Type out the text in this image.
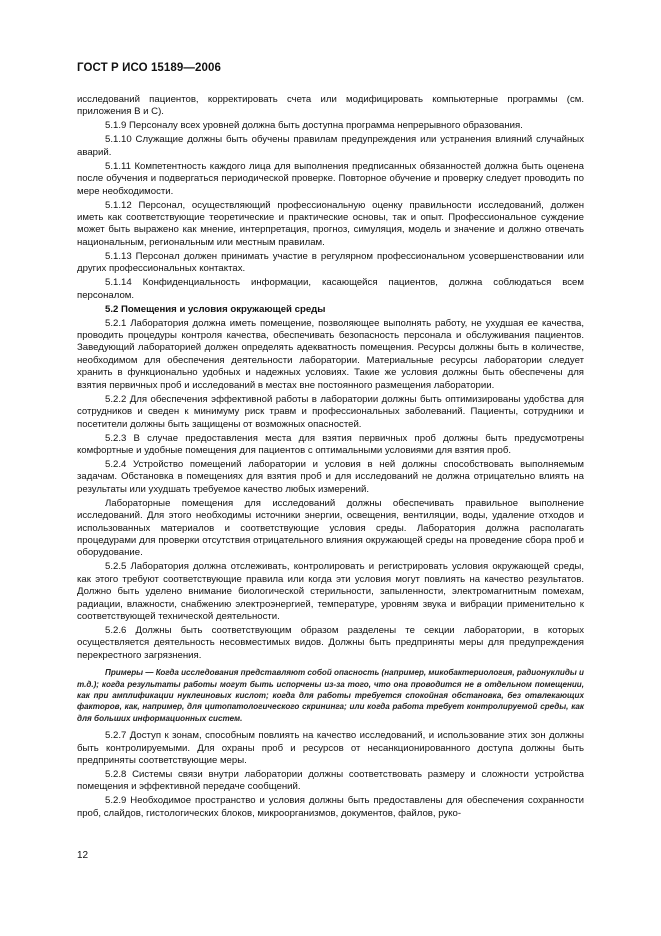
ГОСТ Р ИСО 15189—2006

исследований пациентов, корректировать счета или модифицировать компьютерные программы (см. приложения В и С).

5.1.9 Персоналу всех уровней должна быть доступна программа непрерывного образования.

5.1.10 Служащие должны быть обучены правилам предупреждения или устранения влияний случайных аварий.

5.1.11 Компетентность каждого лица для выполнения предписанных обязанностей должна быть оценена после обучения и подвергаться периодической проверке. Повторное обучение и проверку следует проводить по мере необходимости.

5.1.12 Персонал, осуществляющий профессиональную оценку правильности исследований, должен иметь как соответствующие теоретические и практические основы, так и опыт. Профессиональное суждение может быть выражено как мнение, интерпретация, прогноз, симуляция, модель и значение и должно отвечать национальным, региональным или местным правилам.

5.1.13 Персонал должен принимать участие в регулярном профессиональном усовершенствовании или других профессиональных контактах.

5.1.14 Конфиденциальность информации, касающейся пациентов, должна соблюдаться всем персоналом.

5.2 Помещения и условия окружающей среды

5.2.1 Лаборатория должна иметь помещение, позволяющее выполнять работу, не ухудшая ее качества, проводить процедуры контроля качества, обеспечивать безопасность персонала и обслуживания пациентов. Заведующий лабораторией должен определять адекватность помещения. Ресурсы должны быть в количестве, необходимом для обеспечения деятельности лаборатории. Материальные ресурсы лаборатории следует хранить в функционально удобных и надежных условиях. Такие же условия должны быть обеспечены для взятия первичных проб и исследований в местах вне постоянного размещения лаборатории.

5.2.2 Для обеспечения эффективной работы в лаборатории должны быть оптимизированы удобства для сотрудников и сведен к минимуму риск травм и профессиональных заболеваний. Пациенты, сотрудники и посетители должны быть защищены от возможных опасностей.

5.2.3 В случае предоставления места для взятия первичных проб должны быть предусмотрены комфортные и удобные помещения для пациентов с оптимальными условиями для взятия проб.

5.2.4 Устройство помещений лаборатории и условия в ней должны способствовать выполняемым задачам. Обстановка в помещениях для взятия проб и для исследований не должна отрицательно влиять на результаты или ухудшать требуемое качество любых измерений.

Лабораторные помещения для исследований должны обеспечивать правильное выполнение исследований. Для этого необходимы источники энергии, освещения, вентиляции, воды, удаление отходов и использованных материалов и соответствующие условия среды. Лаборатория должна располагать процедурами для проверки отсутствия отрицательного влияния окружающей среды на проведение сбора проб и оборудование.

5.2.5 Лаборатория должна отслеживать, контролировать и регистрировать условия окружающей среды, как этого требуют соответствующие правила или когда эти условия могут повлиять на качество результатов. Должно быть уделено внимание биологической стерильности, запыленности, электромагнитным помехам, радиации, влажности, снабжению электроэнергией, температуре, уровням звука и вибрации применительно к соответствующей технической деятельности.

5.2.6 Должны быть соответствующим образом разделены те секции лаборатории, в которых осуществляется деятельность несовместимых видов. Должны быть предприняты меры для предупреждения перекрестного загрязнения.

Примеры — Когда исследования представляют собой опасность (например, микобактериология, радионуклиды и т.д.); когда результаты работы могут быть испорчены из-за того, что она проводится не в отдельном помещении, как при амплификации нуклеиновых кислот; когда для работы требуется спокойная обстановка, без отвлекающих факторов, как, например, для цитопатологического скрининга; или когда работа требует контролируемой среды, как для больших информационных систем.

5.2.7 Доступ к зонам, способным повлиять на качество исследований, и использование этих зон должны быть контролируемыми. Для охраны проб и ресурсов от несанкционированного доступа должны быть предприняты соответствующие меры.

5.2.8 Системы связи внутри лаборатории должны соответствовать размеру и сложности устройства помещения и эффективной передаче сообщений.

5.2.9 Необходимое пространство и условия должны быть предоставлены для обеспечения сохранности проб, слайдов, гистологических блоков, микроорганизмов, документов, файлов, руко-

12
